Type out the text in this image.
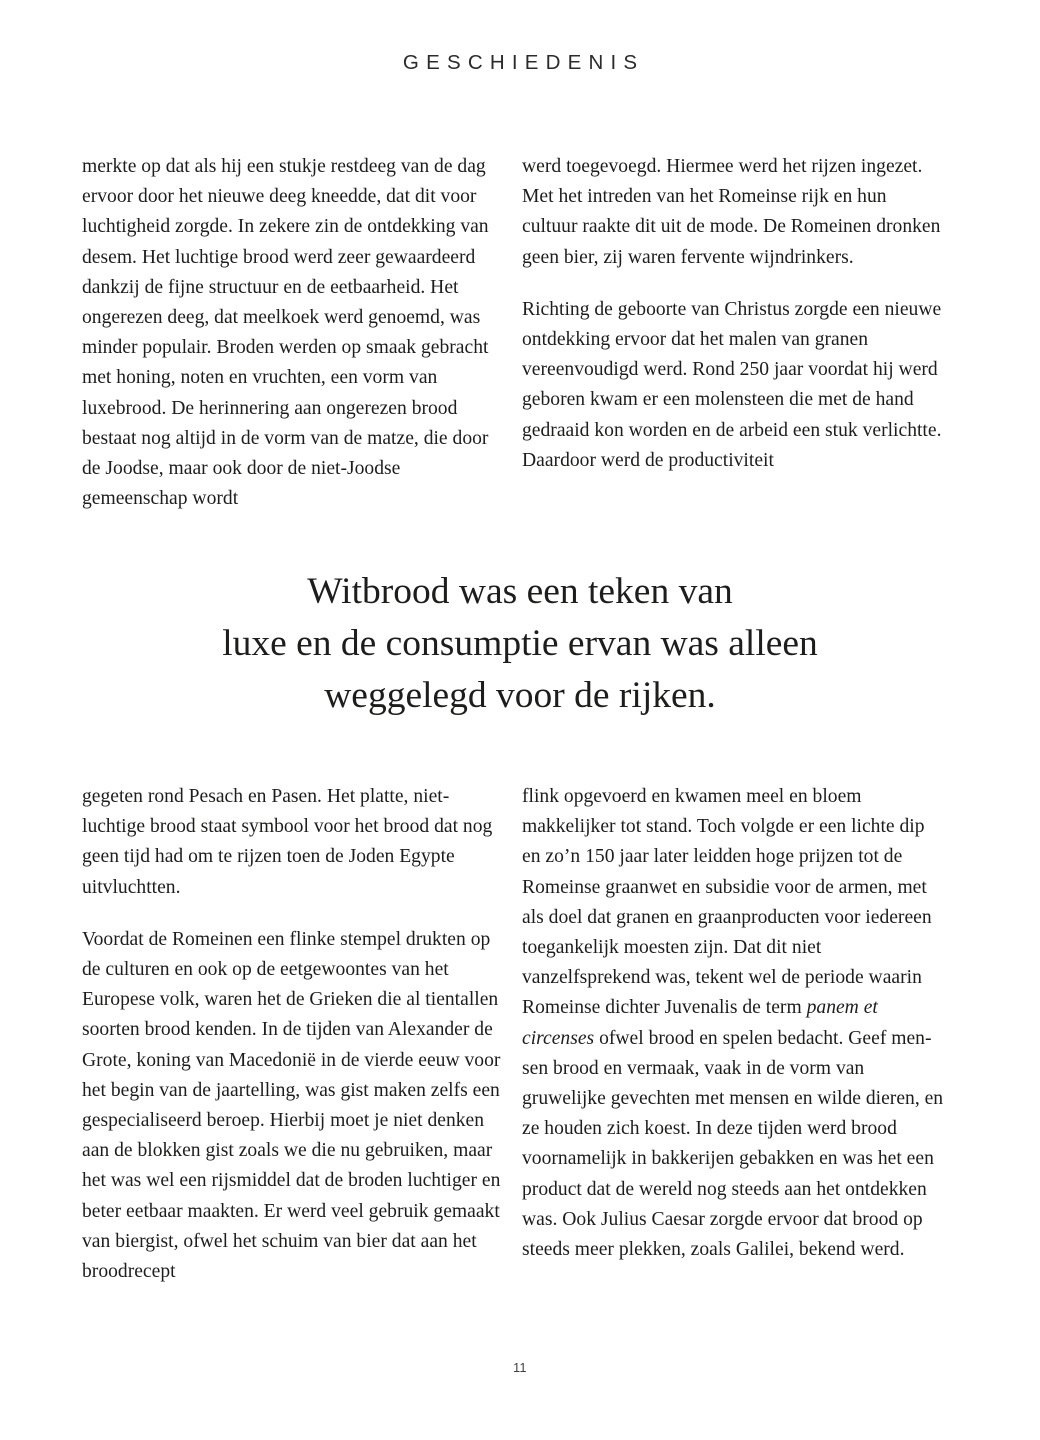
GESCHIEDENIS

merkte op dat als hij een stukje restdeeg van de dag ervoor door het nieuwe deeg kneedde, dat dit voor luchtigheid zorgde. In zekere zin de ontdekking van desem. Het luchtige brood werd zeer gewaardeerd dankzij de fijne structuur en de eetbaarheid. Het ongerezen deeg, dat meelkoek werd genoemd, was minder populair. Broden werden op smaak gebracht met honing, noten en vruchten, een vorm van luxebrood. De herinnering aan ongerezen brood bestaat nog altijd in de vorm van de matze, die door de Joodse, maar ook door de niet-Joodse gemeenschap wordt

werd toegevoegd. Hiermee werd het rijzen ingezet. Met het intreden van het Romeinse rijk en hun cultuur raakte dit uit de mode. De Romeinen dronken geen bier, zij waren fervente wijndrinkers.

Richting de geboorte van Christus zorgde een nieuwe ontdekking ervoor dat het malen van granen vereenvoudigd werd. Rond 250 jaar voordat hij werd geboren kwam er een molensteen die met de hand gedraaid kon worden en de arbeid een stuk verlichtte. Daardoor werd de productiviteit

Witbrood was een teken van
luxe en de consumptie ervan was alleen
weggelegd voor de rijken.

gegeten rond Pesach en Pasen. Het platte, niet-luchtige brood staat symbool voor het brood dat nog geen tijd had om te rijzen toen de Joden Egypte uitvluchtten.

Voordat de Romeinen een flinke stempel drukten op de culturen en ook op de eetgewoontes van het Europese volk, waren het de Grieken die al tientallen soorten brood kenden. In de tijden van Alexander de Grote, koning van Macedonië in de vierde eeuw voor het begin van de jaartelling, was gist maken zelfs een gespecialiseerd beroep. Hierbij moet je niet denken aan de blokken gist zoals we die nu gebruiken, maar het was wel een rijsmiddel dat de broden luchtiger en beter eetbaar maakten. Er werd veel gebruik gemaakt van biergist, ofwel het schuim van bier dat aan het broodrecept

flink opgevoerd en kwamen meel en bloem makkelijker tot stand. Toch volgde er een lichte dip en zo’n 150 jaar later leidden hoge prijzen tot de Romeinse graanwet en subsidie voor de armen, met als doel dat granen en graanproducten voor iedereen toegankelijk moesten zijn. Dat dit niet vanzelfsprekend was, tekent wel de periode waarin Romeinse dichter Juvenalis de term panem et circenses ofwel brood en spelen bedacht. Geef men-sen brood en vermaak, vaak in de vorm van gruwelijke gevechten met mensen en wilde dieren, en ze houden zich koest. In deze tijden werd brood voornamelijk in bakkerijen gebakken en was het een product dat de wereld nog steeds aan het ontdekken was. Ook Julius Caesar zorgde ervoor dat brood op steeds meer plekken, zoals Galilei, bekend werd.

11
